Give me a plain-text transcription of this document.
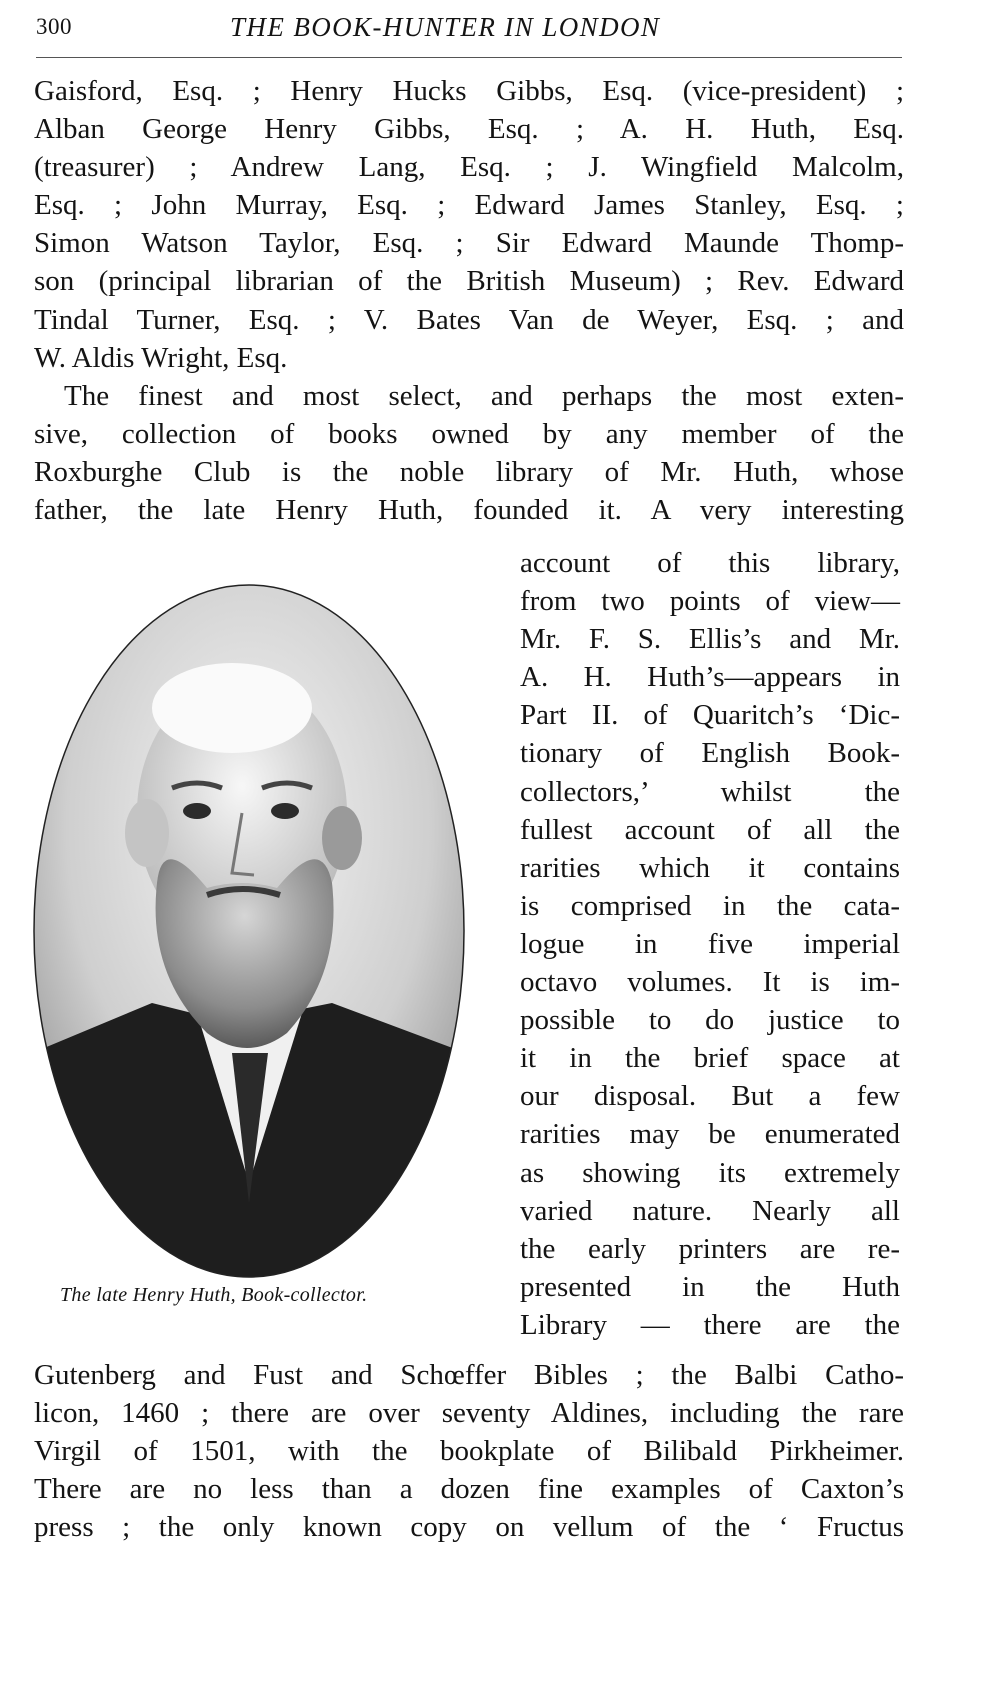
300	THE BOOK-HUNTER IN LONDON
Gaisford, Esq. ; Henry Hucks Gibbs, Esq. (vice-president) ;
Alban George Henry Gibbs, Esq. ; A. H. Huth, Esq.
(treasurer) ; Andrew Lang, Esq. ; J. Wingfield Malcolm,
Esq. ; John Murray, Esq. ; Edward James Stanley, Esq. ;
Simon Watson Taylor, Esq. ; Sir Edward Maunde Thomp-
son (principal librarian of the British Museum) ; Rev. Edward
Tindal Turner, Esq. ; V. Bates Van de Weyer, Esq. ; and
W. Aldis Wright, Esq.
The finest and most select, and perhaps the most exten-
sive, collection of books owned by any member of the
Roxburghe Club is the noble library of Mr. Huth, whose
father, the late Henry Huth, founded it. A very interesting
The late Henry Huth, Book-collector.
account of this library,
from two points of view—
Mr. F. S. Ellis’s and Mr.
A. H. Huth’s—appears in
Part II. of Quaritch’s ‘Dic-
tionary of English Book-
collectors,’ whilst the
fullest account of all the
rarities which it contains
is comprised in the cata-
logue in five imperial
octavo volumes. It is im-
possible to do justice to
it in the brief space at
our disposal. But a few
rarities may be enumerated
as showing its extremely
varied nature. Nearly all
the early printers are re-
presented in the Huth
Library — there are the
Gutenberg and Fust and Schœffer Bibles ; the Balbi Catho-
licon, 1460 ; there are over seventy Aldines, including the rare
Virgil of 1501, with the bookplate of Bilibald Pirkheimer.
There are no less than a dozen fine examples of Caxton’s
press ; the only known copy on vellum of the ‘ Fructus
